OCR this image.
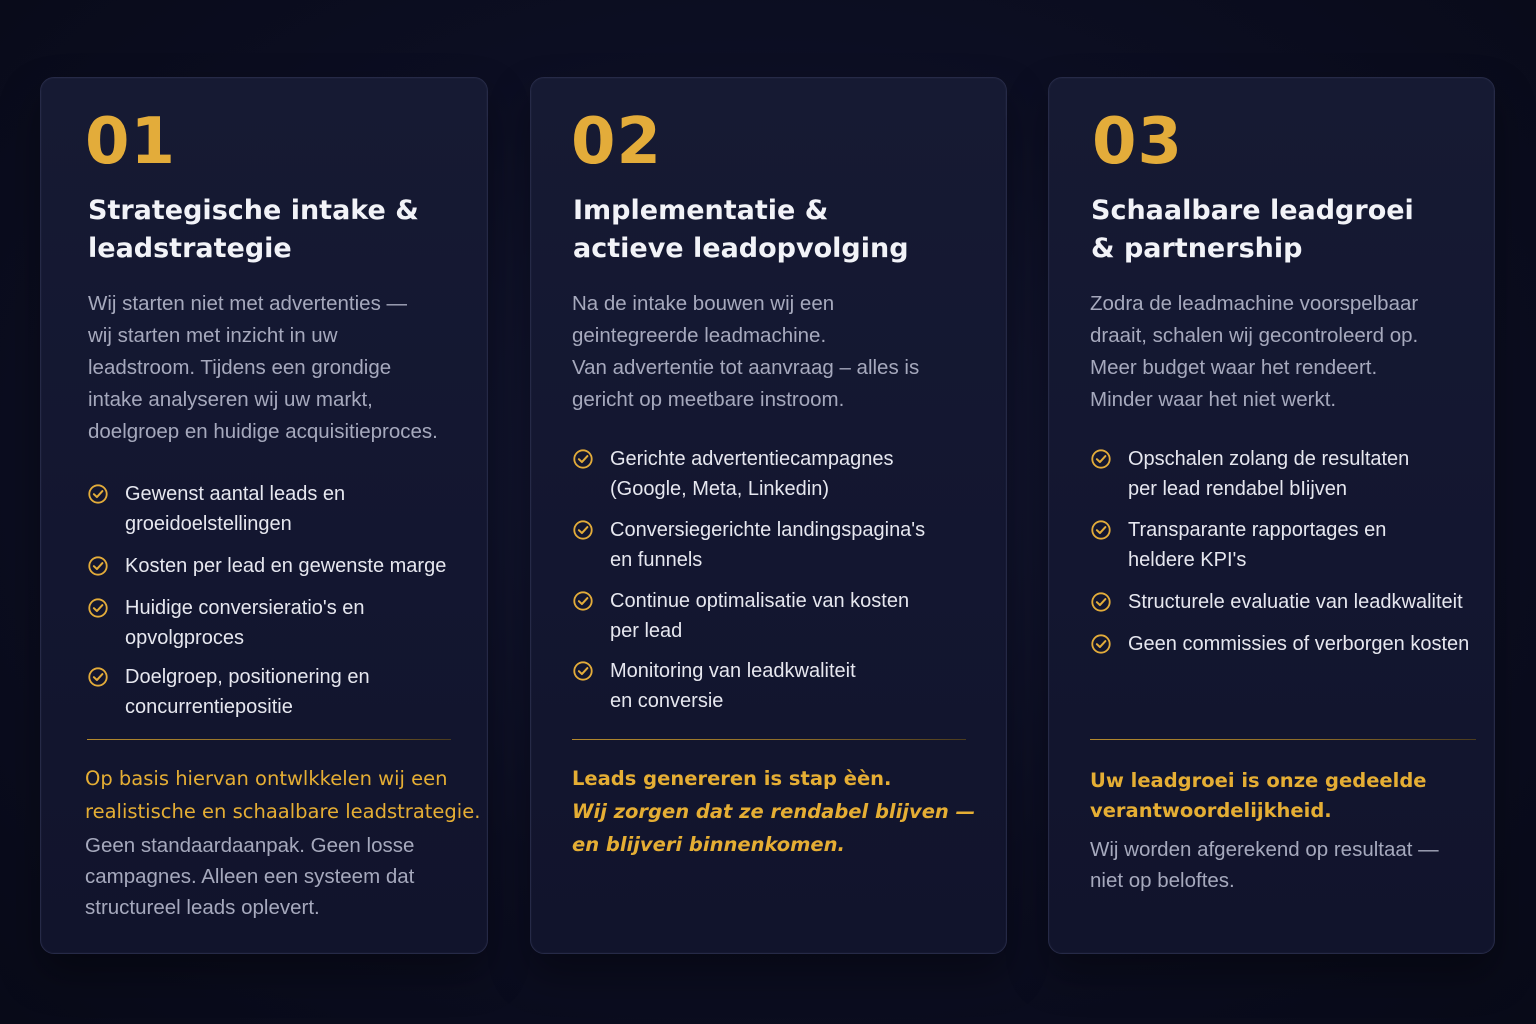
01
Strategische intake &
leadstrategie
Wij starten niet met advertenties —
wij starten met inzicht in uw
leadstroom. Tijdens een grondige
intake analyseren wij uw markt,
doelgroep en huidige acquisitieproces.
Gewenst aantal leads en
groeidoelstellingen
Kosten per lead en gewenste marge
Huidige conversieratio's en
opvolgproces
Doelgroep, positionering en
concurrentiepositie
Op basis hiervan ontwlkkelen wij een
realistische en schaalbare leadstrategie.
Geen standaardaanpak. Geen losse
campagnes. Alleen een systeem dat
structureel leads oplevert.
02
Implementatie &
actieve leadopvolging
Na de intake bouwen wij een
geintegreerde leadmachine.
Van advertentie tot aanvraag – alles is
gericht op meetbare instroom.
Gerichte advertentiecampagnes
(Google, Meta, Linkedin)
Conversiegerichte landingspagina's
en funnels
Continue optimalisatie van kosten
per lead
Monitoring van leadkwaliteit
en conversie
Leads genereren is stap èèn.
Wij zorgen dat ze rendabel blijven —
en blijveri binnenkomen.
03
Schaalbare leadgroei
& partnership
Zodra de leadmachine voorspelbaar
draait, schalen wij gecontroleerd op.
Meer budget waar het rendeert.
Minder waar het niet werkt.
Opschalen zolang de resultaten
per lead rendabel bIijven
Transparante rapportages en
heldere KPI's
Structurele evaluatie van leadkwaliteit
Geen commissies of verborgen kosten
Uw leadgroei is onze gedeelde
verantwoordelijkheid.
Wij worden afgerekend op resultaat —
niet op beloftes.
